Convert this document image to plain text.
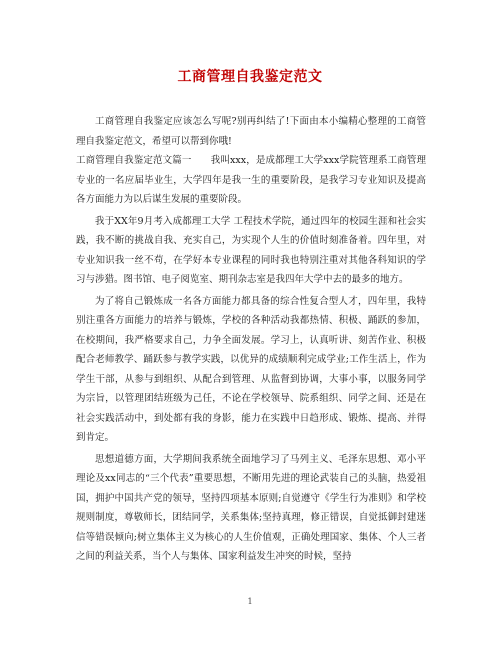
工商管理自我鉴定范文

工商管理自我鉴定应该怎么写呢?别再纠结了!下面由本小编精心整理的工商管理自我鉴定范文，希望可以帮到你哦!

工商管理自我鉴定范文篇一　　我叫xxx，是成都理工大学xxx学院管理系工商管理专业的一名应届毕业生，大学四年是我一生的重要阶段，是我学习专业知识及提高各方面能力为以后谋生发展的重要阶段。

我于XX年9月考入成都理工大学 工程技术学院，通过四年的校园生涯和社会实践，我不断的挑战自我、充实自己，为实现个人生的价值时刻准备着。四年里，对专业知识我一丝不苟，在学好本专业课程的同时我也特别注重对其他各科知识的学习与涉猎。图书馆、电子阅览室、期刊杂志室是我四年大学中去的最多的地方。

为了将自己锻炼成一名各方面能力都具备的综合性复合型人才，四年里，我特别注重各方面能力的培养与锻炼，学校的各种活动我都热情、积极、踊跃的参加，在校期间，我严格要求自己，力争全面发展。学习上，认真听讲、刻苦作业、积极配合老师教学、踊跃参与教学实践，以优异的成绩顺利完成学业;工作生活上，作为学生干部，从参与到组织、从配合到管理、从监督到协调，大事小事，以服务同学为宗旨，以管理团结班级为己任，不论在学校领导、院系组织、同学之间、还是在社会实践活动中，到处都有我的身影，能力在实践中日趋形成、锻炼、提高、并得到肯定。

思想道德方面，大学期间我系统全面地学习了马列主义、毛泽东思想、邓小平理论及xx同志的“三个代表”重要思想，不断用先进的理论武装自己的头脑，热爱祖国，拥护中国共产党的领导，坚持四项基本原则;自觉遵守《学生行为准则》和学校规则制度，尊敬师长，团结同学，关系集体;坚持真理，修正错误，自觉抵御封建迷信等错误倾向;树立集体主义为核心的人生价值观，正确处理国家、集体、个人三者之间的利益关系，当个人与集体、国家利益发生冲突的时候，坚持

1
